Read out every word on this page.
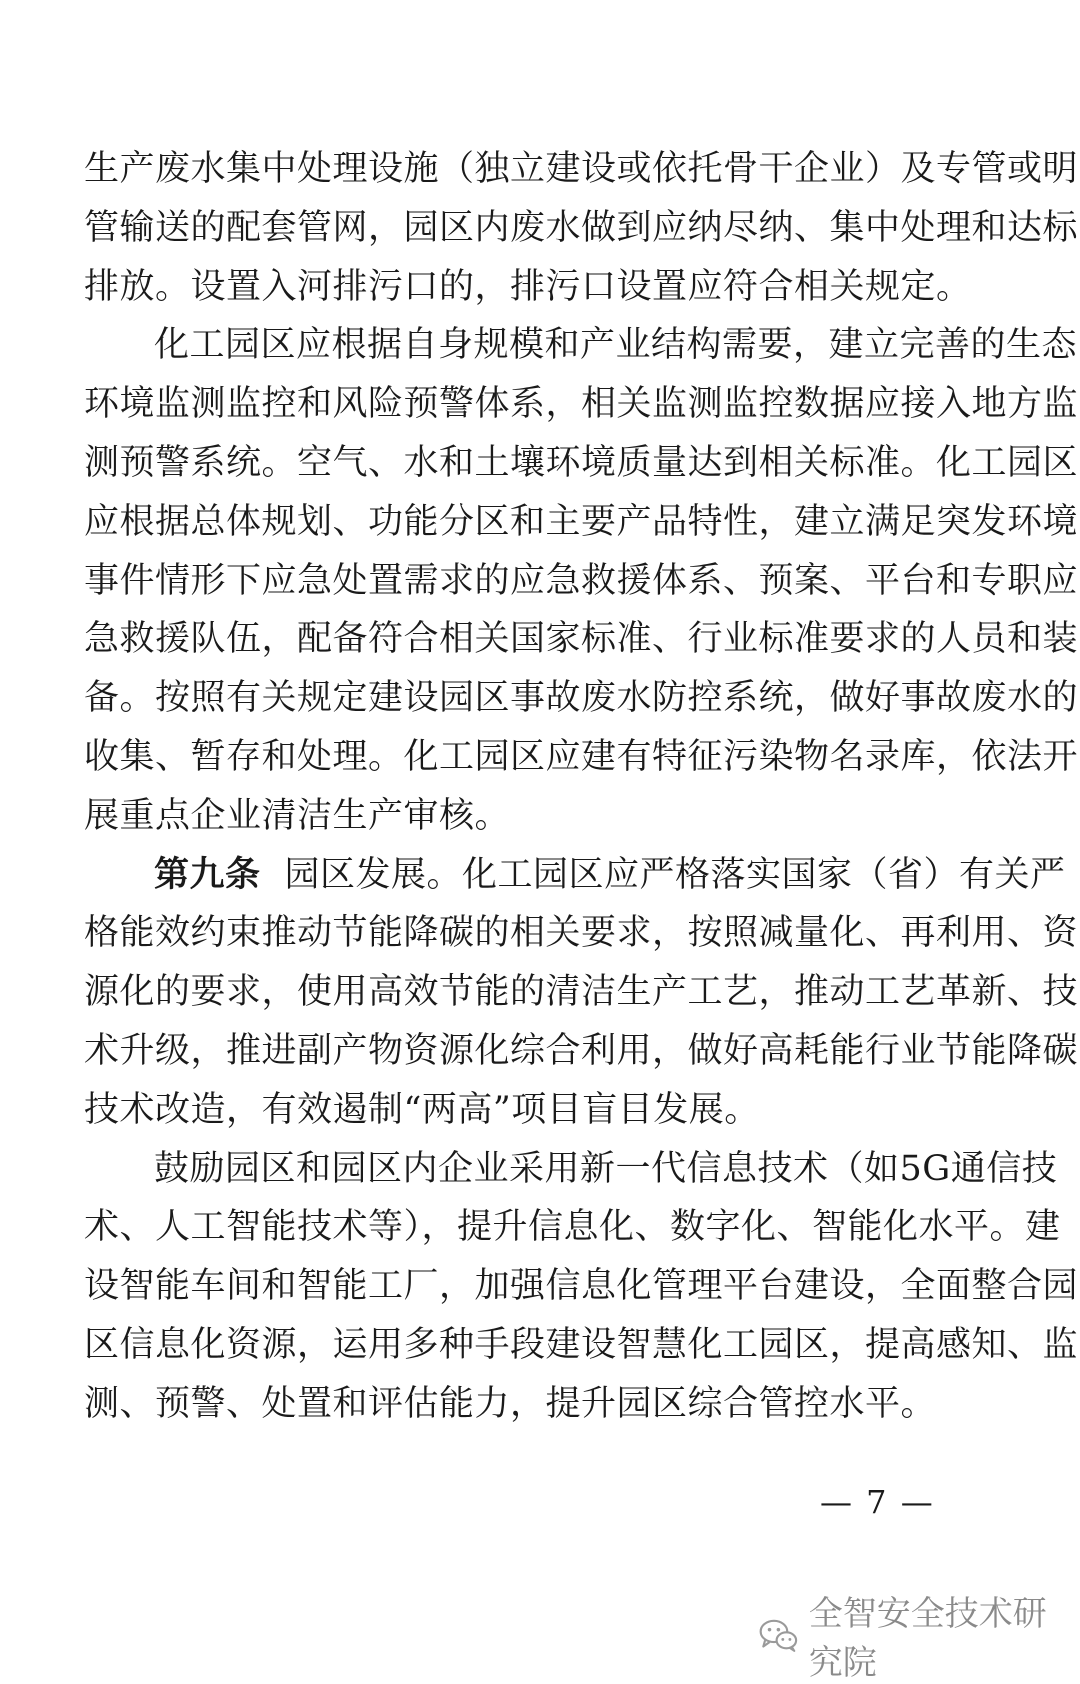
生产废水集中处理设施（独立建设或依托骨干企业）及专管或明
管输送的配套管网，园区内废水做到应纳尽纳、集中处理和达标
排放。设置入河排污口的，排污口设置应符合相关规定。
化工园区应根据自身规模和产业结构需要，建立完善的生态
环境监测监控和风险预警体系，相关监测监控数据应接入地方监
测预警系统。空气、水和土壤环境质量达到相关标准。化工园区
应根据总体规划、功能分区和主要产品特性，建立满足突发环境
事件情形下应急处置需求的应急救援体系、预案、平台和专职应
急救援队伍，配备符合相关国家标准、行业标准要求的人员和装
备。按照有关规定建设园区事故废水防控系统，做好事故废水的
收集、暂存和处理。化工园区应建有特征污染物名录库，依法开
展重点企业清洁生产审核。
第九条 园区发展。化工园区应严格落实国家（省）有关严
格能效约束推动节能降碳的相关要求，按照减量化、再利用、资
源化的要求，使用高效节能的清洁生产工艺，推动工艺革新、技
术升级，推进副产物资源化综合利用，做好高耗能行业节能降碳
技术改造，有效遏制“两高”项目盲目发展。
鼓励园区和园区内企业采用新一代信息技术（如5G通信技
术、人工智能技术等），提升信息化、数字化、智能化水平。建
设智能车间和智能工厂，加强信息化管理平台建设，全面整合园
区信息化资源，运用多种手段建设智慧化工园区，提高感知、监
测、预警、处置和评估能力，提升园区综合管控水平。
— 7 —
全智安全技术研究院
